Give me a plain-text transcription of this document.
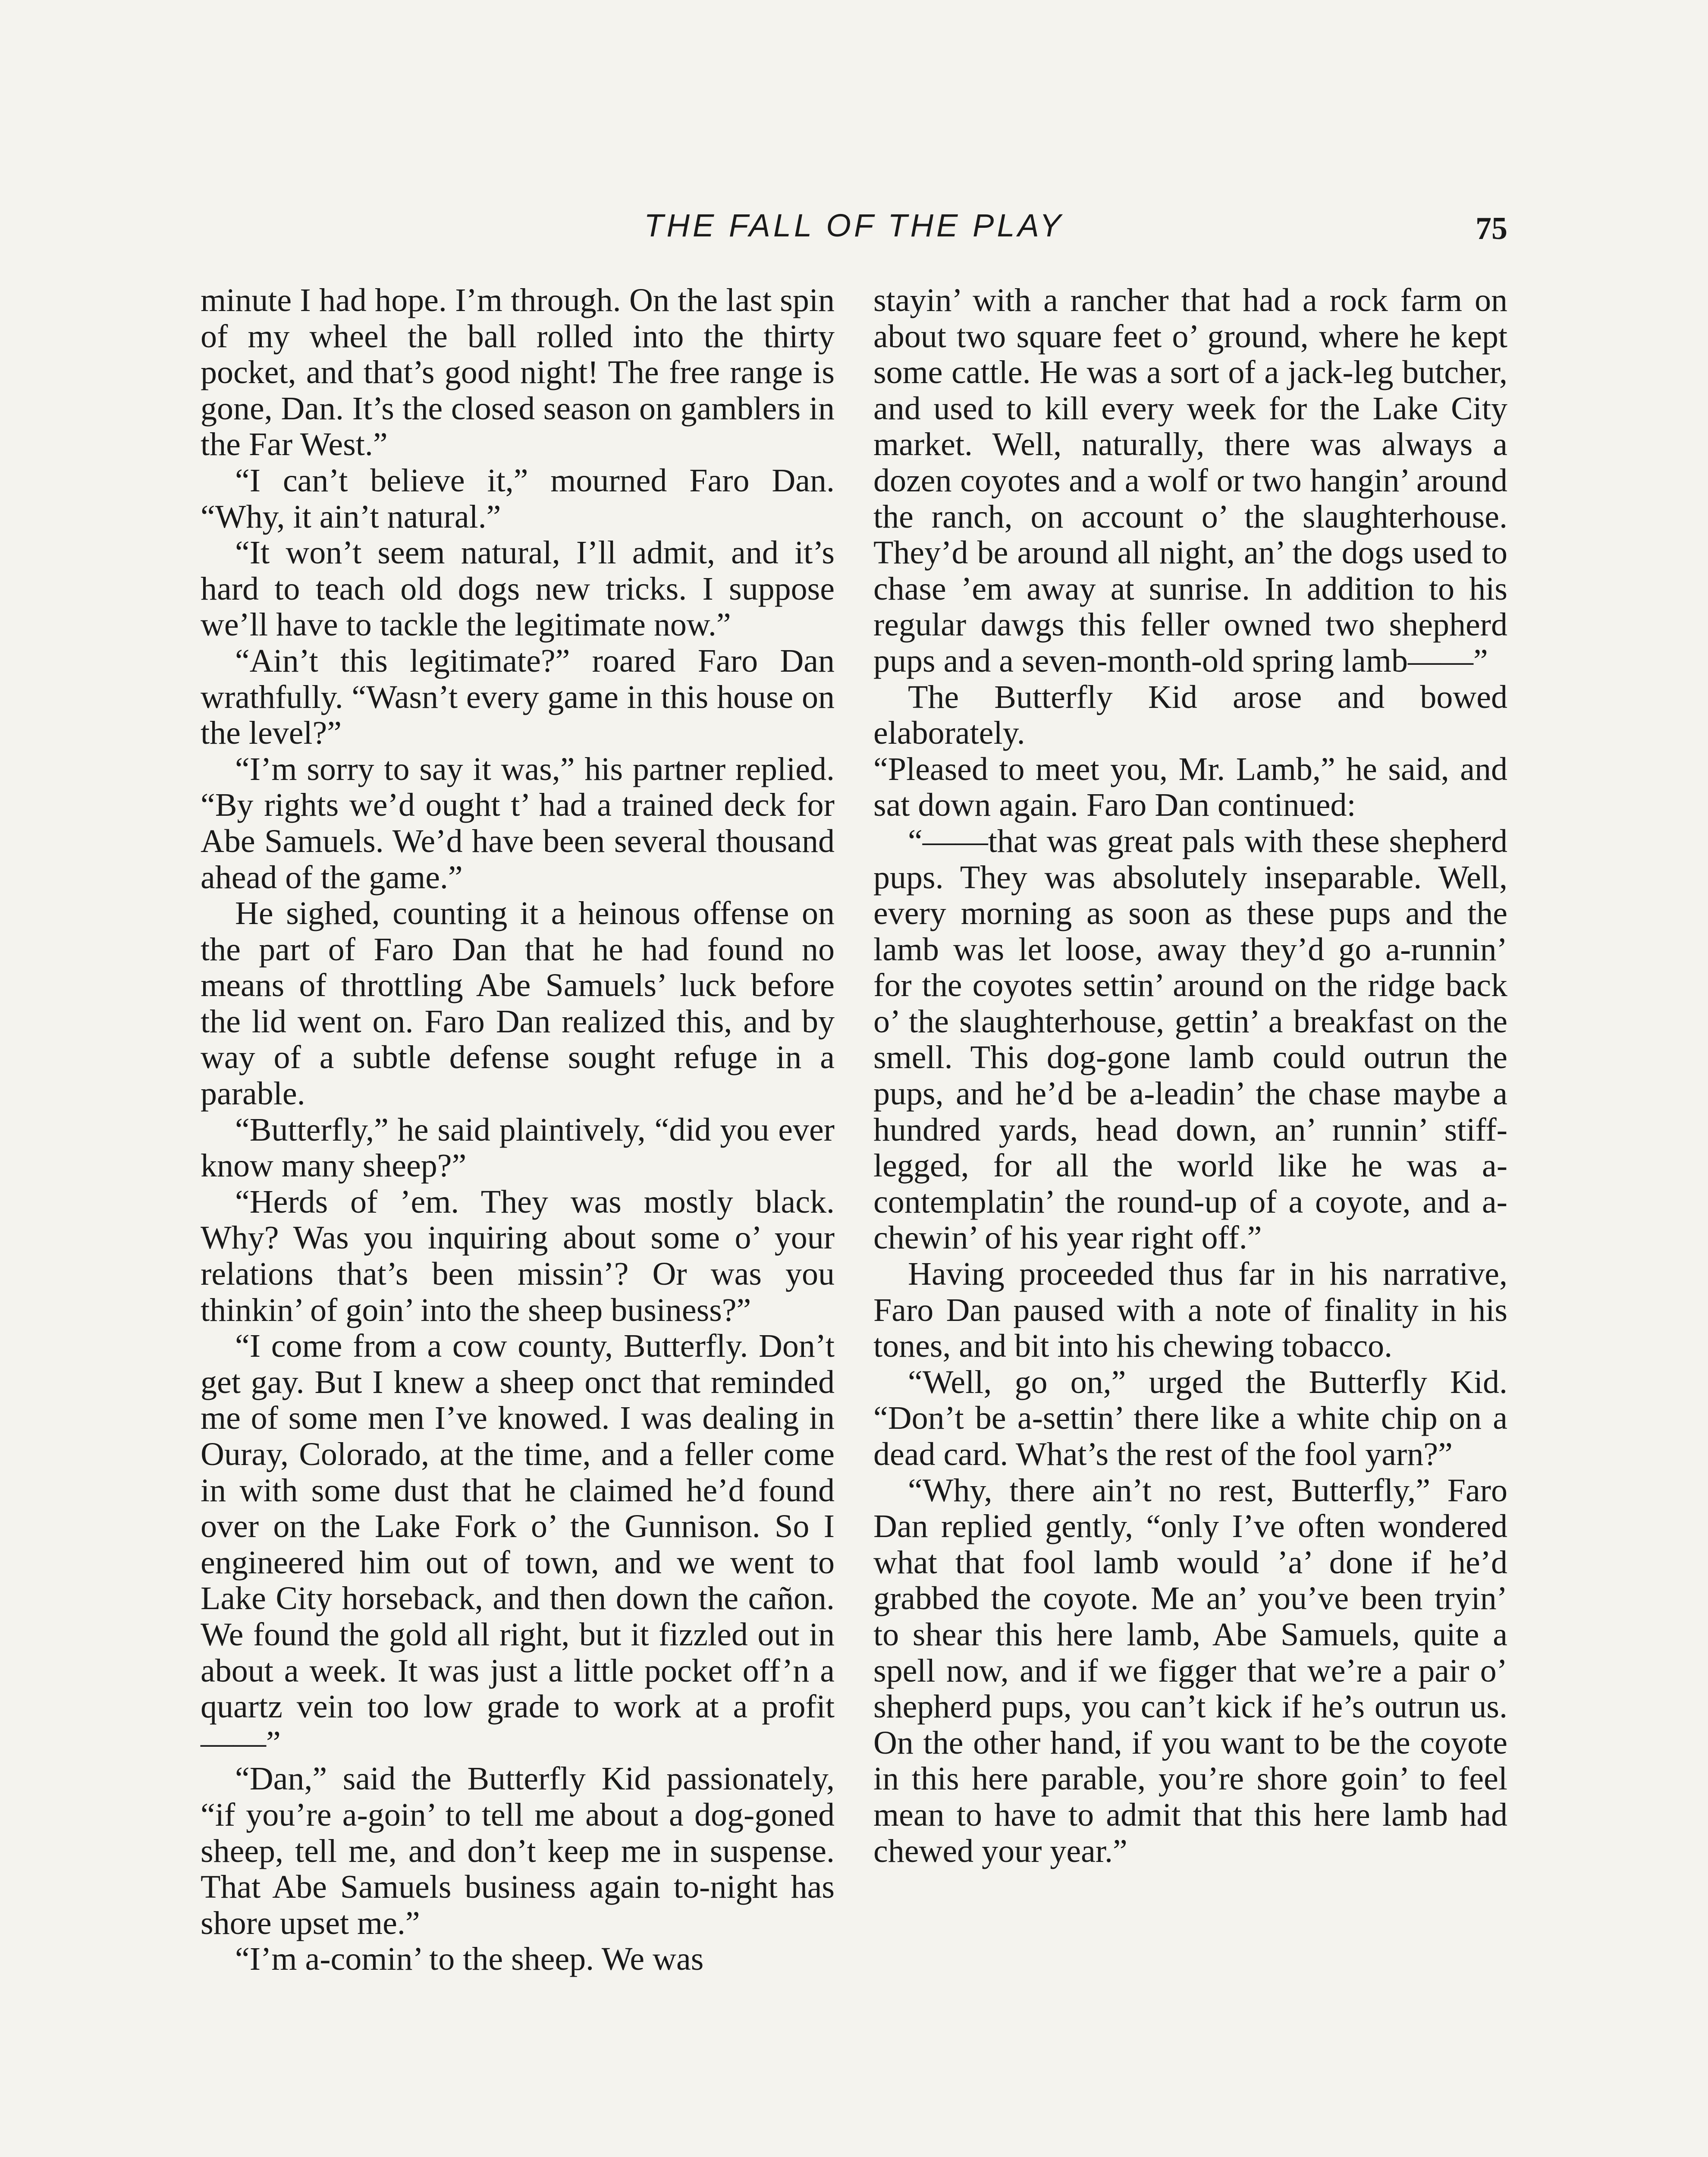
THE FALL OF THE PLAY	75

minute I had hope. I’m through. On the last spin of my wheel the ball rolled into the thirty pocket, and that’s good night! The free range is gone, Dan. It’s the closed season on gamblers in the Far West.”

“I can’t believe it,” mourned Faro Dan. “Why, it ain’t natural.”

“It won’t seem natural, I’ll admit, and it’s hard to teach old dogs new tricks. I suppose we’ll have to tackle the legitimate now.”

“Ain’t this legitimate?” roared Faro Dan wrathfully. “Wasn’t every game in this house on the level?”

“I’m sorry to say it was,” his partner replied. “By rights we’d ought t’ had a trained deck for Abe Samuels. We’d have been several thousand ahead of the game.”

He sighed, counting it a heinous offense on the part of Faro Dan that he had found no means of throttling Abe Samuels’ luck before the lid went on. Faro Dan realized this, and by way of a subtle defense sought refuge in a parable.

“Butterfly,” he said plaintively, “did you ever know many sheep?”

“Herds of ’em. They was mostly black. Why? Was you inquiring about some o’ your relations that’s been missin’? Or was you thinkin’ of goin’ into the sheep business?”

“I come from a cow county, Butterfly. Don’t get gay. But I knew a sheep onct that reminded me of some men I’ve knowed. I was dealing in Ouray, Colorado, at the time, and a feller come in with some dust that he claimed he’d found over on the Lake Fork o’ the Gunnison. So I engineered him out of town, and we went to Lake City horseback, and then down the cañon. We found the gold all right, but it fizzled out in about a week. It was just a little pocket off’n a quartz vein too low grade to work at a profit——”

“Dan,” said the Butterfly Kid passionately, “if you’re a-goin’ to tell me about a dog-goned sheep, tell me, and don’t keep me in suspense. That Abe Samuels business again to-night has shore upset me.”

“I’m a-comin’ to the sheep. We was

stayin’ with a rancher that had a rock farm on about two square feet o’ ground, where he kept some cattle. He was a sort of a jack-leg butcher, and used to kill every week for the Lake City market. Well, naturally, there was always a dozen coyotes and a wolf or two hangin’ around the ranch, on account o’ the slaughterhouse. They’d be around all night, an’ the dogs used to chase ’em away at sunrise. In addition to his regular dawgs this feller owned two shepherd pups and a seven-month-old spring lamb——”

The Butterfly Kid arose and bowed elaborately.

“Pleased to meet you, Mr. Lamb,” he said, and sat down again. Faro Dan continued:

“——that was great pals with these shepherd pups. They was absolutely inseparable. Well, every morning as soon as these pups and the lamb was let loose, away they’d go a-runnin’ for the coyotes settin’ around on the ridge back o’ the slaughterhouse, gettin’ a breakfast on the smell. This dog-gone lamb could outrun the pups, and he’d be a-leadin’ the chase maybe a hundred yards, head down, an’ runnin’ stiff-legged, for all the world like he was a-contemplatin’ the round-up of a coyote, and a-chewin’ of his year right off.”

Having proceeded thus far in his narrative, Faro Dan paused with a note of finality in his tones, and bit into his chewing tobacco.

“Well, go on,” urged the Butterfly Kid. “Don’t be a-settin’ there like a white chip on a dead card. What’s the rest of the fool yarn?”

“Why, there ain’t no rest, Butterfly,” Faro Dan replied gently, “only I’ve often wondered what that fool lamb would ’a’ done if he’d grabbed the coyote. Me an’ you’ve been tryin’ to shear this here lamb, Abe Samuels, quite a spell now, and if we figger that we’re a pair o’ shepherd pups, you can’t kick if he’s outrun us. On the other hand, if you want to be the coyote in this here parable, you’re shore goin’ to feel mean to have to admit that this here lamb had chewed your year.”
